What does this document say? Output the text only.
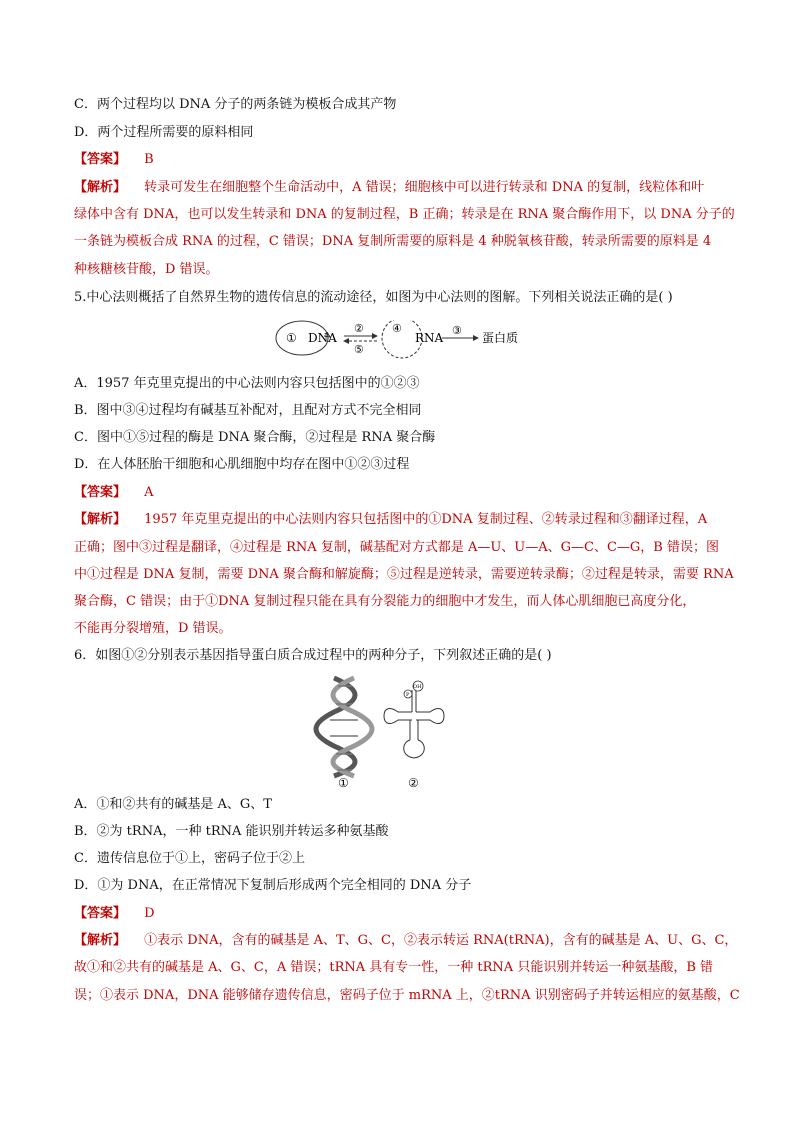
C．两个过程均以 DNA 分子的两条链为模板合成其产物
D．两个过程所需要的原料相同
【答案】 B
【解析】 转录可发生在细胞整个生命活动中，A 错误；细胞核中可以进行转录和 DNA 的复制，线粒体和叶
绿体中含有 DNA，也可以发生转录和 DNA 的复制过程，B 正确；转录是在 RNA 聚合酶作用下，以 DNA 分子的
一条链为模板合成 RNA 的过程，C 错误；DNA 复制所需要的原料是 4 种脱氧核苷酸，转录所需要的原料是 4
种核糖核苷酸，D 错误。
5.中心法则概括了自然界生物的遗传信息的流动途径，如图为中心法则的图解。下列相关说法正确的是( )
① DNA
②
⑤
④
RNA
③
蛋白质
A．1957 年克里克提出的中心法则内容只包括图中的①②③
B．图中③④过程均有碱基互补配对，且配对方式不完全相同
C．图中①⑤过程的酶是 DNA 聚合酶，②过程是 RNA 聚合酶
D．在人体胚胎干细胞和心肌细胞中均存在图中①②③过程
【答案】 A
【解析】 1957 年克里克提出的中心法则内容只包括图中的①DNA 复制过程、②转录过程和③翻译过程，A
正确；图中③过程是翻译，④过程是 RNA 复制，碱基配对方式都是 A—U、U—A、G—C、C—G，B 错误；图
中①过程是 DNA 复制，需要 DNA 聚合酶和解旋酶；⑤过程是逆转录，需要逆转录酶；②过程是转录，需要 RNA
聚合酶，C 错误；由于①DNA 复制过程只能在具有分裂能力的细胞中才发生，而人体心肌细胞已高度分化，
不能再分裂增殖，D 错误。
6．如图①②分别表示基因指导蛋白质合成过程中的两种分子，下列叙述正确的是( )
①
OH
P
②
A．①和②共有的碱基是 A、G、T
B．②为 tRNA，一种 tRNA 能识别并转运多种氨基酸
C．遗传信息位于①上，密码子位于②上
D．①为 DNA，在正常情况下复制后形成两个完全相同的 DNA 分子
【答案】 D
【解析】 ①表示 DNA，含有的碱基是 A、T、G、C，②表示转运 RNA(tRNA)，含有的碱基是 A、U、G、C，
故①和②共有的碱基是 A、G、C，A 错误；tRNA 具有专一性，一种 tRNA 只能识别并转运一种氨基酸，B 错
误；①表示 DNA，DNA 能够储存遗传信息，密码子位于 mRNA 上，②tRNA 识别密码子并转运相应的氨基酸，C
